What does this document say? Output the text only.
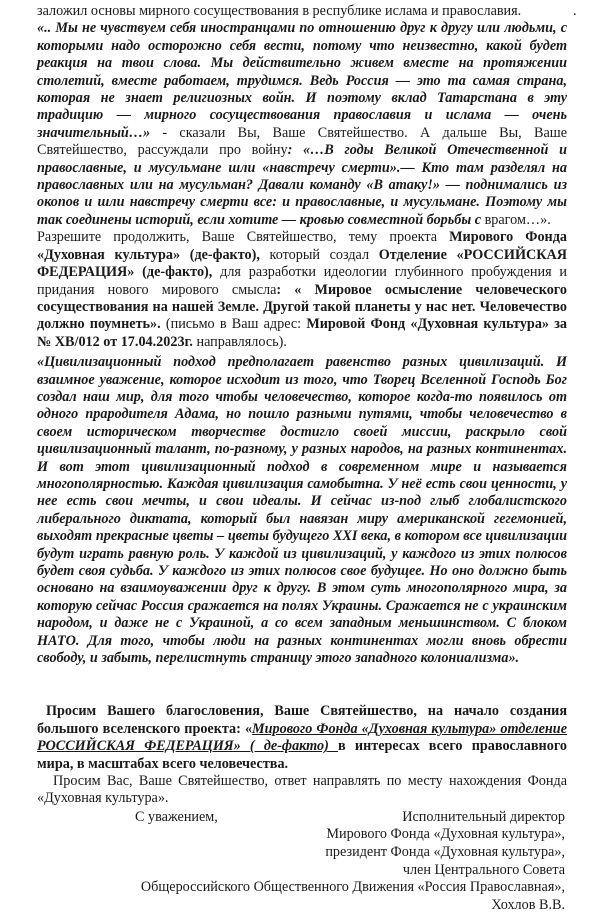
заложил основы мирного сосуществования в республике ислама и православия.	.

«.. Мы не чувствуем себя иностранцами по отношению друг к другу или людьми, с которыми надо осторожно себя вести, потому что неизвестно, какой будет реакция на твои слова. Мы действительно живем вместе на протяжении столетий, вместе работаем, трудимся. Ведь Россия — это та самая страна, которая не знает религиозных войн. И поэтому вклад Татарстана в эту традицию — мирного сосуществования православия и ислама — очень значительный…» - сказали Вы, Ваше Святейшество. А дальше Вы, Ваше Святейшество, рассуждали про войну: «…В годы Великой Отечественной и православные, и мусульмане шли «навстречу смерти».— Кто там разделял на православных или на мусульман? Давали команду «В атаку!» — поднимались из окопов и шли навстречу смерти все: и православные, и мусульмане. Поэтому мы так соединены историй, если хотите — кровью совместной борьбы с врагом…».

Разрешите продолжить, Ваше Святейшество, тему проекта Мирового Фонда «Духовная культура» (де-факто), который создал Отделение «РОССИЙСКАЯ ФЕДЕРАЦИЯ» (де-факто), для разработки идеологии глубинного пробуждения и придания нового мирового смысла: « Мировое осмысление человеческого сосуществования на нашей Земле. Другой такой планеты у нас нет. Человечество должно поумнеть». (письмо в Ваш адрес: Мировой Фонд «Духовная культура» за № ХВ/012 от 17.04.2023г. направлялось).

«Цивилизационный подход предполагает равенство разных цивилизаций. И взаимное уважение, которое исходит из того, что Творец Вселенной Господь Бог создал наш мир, для того чтобы человечество, которое когда-то появилось от одного прародителя Адама, но пошло разными путями, чтобы человечество в своем историческом творчестве достигло своей миссии, раскрыло свой цивилизационный талант, по-разному, у разных народов, на разных континентах. И вот этот цивилизационный подход в современном мире и называется многополярностью. Каждая цивилизация самобытна. У неё есть свои ценности, у нее есть свои мечты, и свои идеалы. И сейчас из-под глыб глобалистского либерального диктата, который был навязан миру американской гегемонией, выходят прекрасные цветы – цветы будущего XXI века, в котором все цивилизации будут играть равную роль. У каждой из цивилизаций, у каждого из этих полюсов будет своя судьба. У каждого из этих полюсов свое будущее. Но оно должно быть основано на взаимоуважении друг к другу. В этом суть многополярного мира, за которую сейчас Россия сражается на полях Украины. Сражается не с украинским народом, и даже не с Украиной, а со всем западным меньшинством. С блоком НАТО. Для того, чтобы люди на разных континентах могли вновь обрести свободу, и забыть, перелистнуть страницу этого западного колониализма».

Просим Вашего благословения, Ваше Святейшество, на начало создания большого вселенского проекта: «Мирового Фонда «Духовная культура» отделение РОССИЙСКАЯ ФЕДЕРАЦИЯ» ( де-факто) в интересах всего православного мира, в масштабах всего человечества.

Просим Вас, Ваше Святейшество, ответ направлять по месту нахождения Фонда «Духовная культура».

С уважением,	Исполнительный директор
Мирового Фонда «Духовная культура»,
президент Фонда «Духовная культура»,
член Центрального Совета
Общероссийского Общественного Движения «Россия Православная»,
Хохлов В.В.
